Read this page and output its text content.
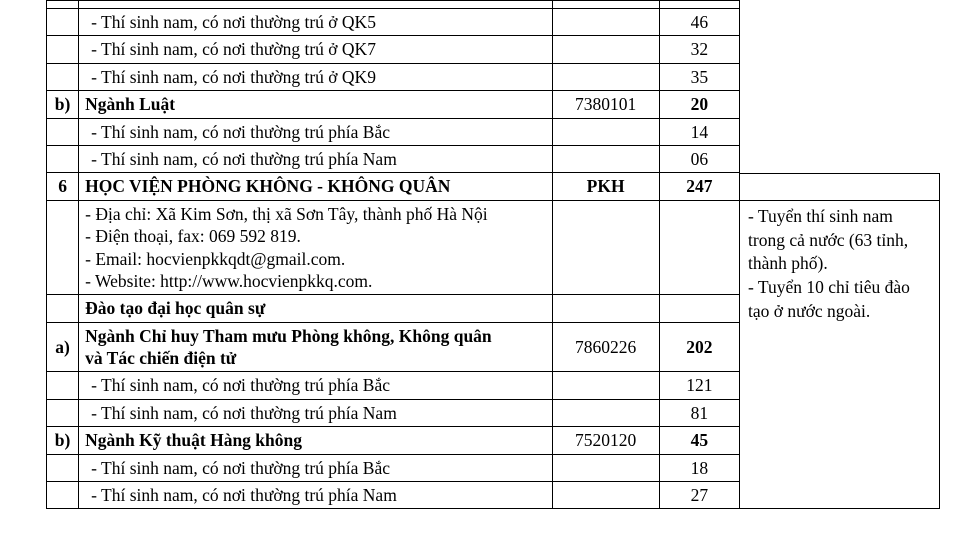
	- Thí sinh nam, có nơi thường trú ở QK5		46
	- Thí sinh nam, có nơi thường trú ở QK7		32
	- Thí sinh nam, có nơi thường trú ở QK9		35
b)	Ngành Luật	7380101	20
	- Thí sinh nam, có nơi thường trú phía Bắc		14
	- Thí sinh nam, có nơi thường trú phía Nam		06
6	HỌC VIỆN PHÒNG KHÔNG - KHÔNG QUÂN	PKH	247

	- Địa chỉ: Xã Kim Sơn, thị xã Sơn Tây, thành phố Hà Nội
- Điện thoại, fax: 069 592 819.
- Email: hocvienpkkqdt@gmail.com.
- Website: http://www.hocvienpkkq.com.		

	Đào tạo đại học quân sự		
a)	Ngành Chỉ huy Tham mưu Phòng không, Không quân
và Tác chiến điện tử	7860226	202
	- Thí sinh nam, có nơi thường trú phía Bắc		121
	- Thí sinh nam, có nơi thường trú phía Nam		81
b)	Ngành Kỹ thuật Hàng không	7520120	45
	- Thí sinh nam, có nơi thường trú phía Bắc		18
	- Thí sinh nam, có nơi thường trú phía Nam		27
- Tuyển thí sinh nam trong cả nước (63 tỉnh, thành phố).
- Tuyển 10 chỉ tiêu đào tạo ở nước ngoài.
